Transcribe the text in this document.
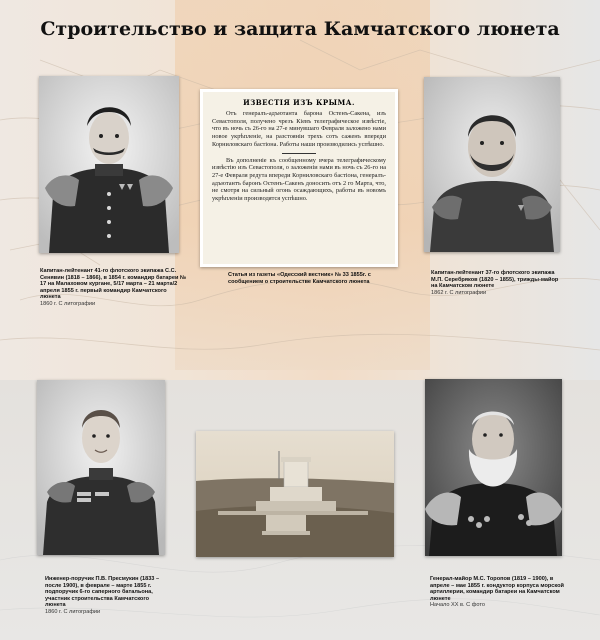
Строительство и защита Камчатского люнета
Капитан-лейтенант 41-го флотского экипажа С.С. Сенявин (1818 – 1866), в 1854 г. командир батареи № 17 на Малаховом кургане, 5/17 марта – 21 марта/2 апреля 1855 г. первый командир Камчатского люнета
1860 г. С литографии
ИЗВЕСТІЯ ИЗЪ КРЫМА.

Отъ генералъ-адъютанта барона Остенъ-Сакена, изъ Севастополя, получено чрезъ Кіевъ телеграфическое извѣстіе, что въ ночь съ 26-го на 27-е минувшаго Февраля заложено нами новое укрѣпленіе, на разстояніи трехъ сотъ саженъ впереди Корниловскаго бастіона. Работы наши производились успѣшно.

Въ дополненіе къ сообщенному вчера телеграфическому извѣстію изъ Севастополя, о заложеніи нами въ ночь съ 26-го на 27-е Февраля редута впереди Корниловскаго бастіона, генералъ-адъютантъ баронъ Остенъ-Сакенъ доносить отъ 2 го Марта, что, не смотря на сильный огонь осаждающихъ, работы въ новомъ укрѣпленіи производятся успѣшно.

Статья из газеты «Одесский вестник» № 33 1855г. с сообщением о строительстве Камчатского люнета
Капитан-лейтенант 37-го флотского экипажа М.П. Серебряков (1820 – 1855), трижды-майор на Камчатском люнете
1862 г. С литографии
Инженер-поручик П.В. Пресмукин (1833 – после 1900), в феврале – марте 1855 г. подпоручик 6-го саперного батальона, участник строительства Камчатского люнета
1860 г. С литографии
Генерал-майор М.С. Торопов (1819 – 1900), в апреле – мае 1855 г. кондуктор корпуса морской артиллерии, командир батареи на Камчатском люнете
Начало XX в. С фото
